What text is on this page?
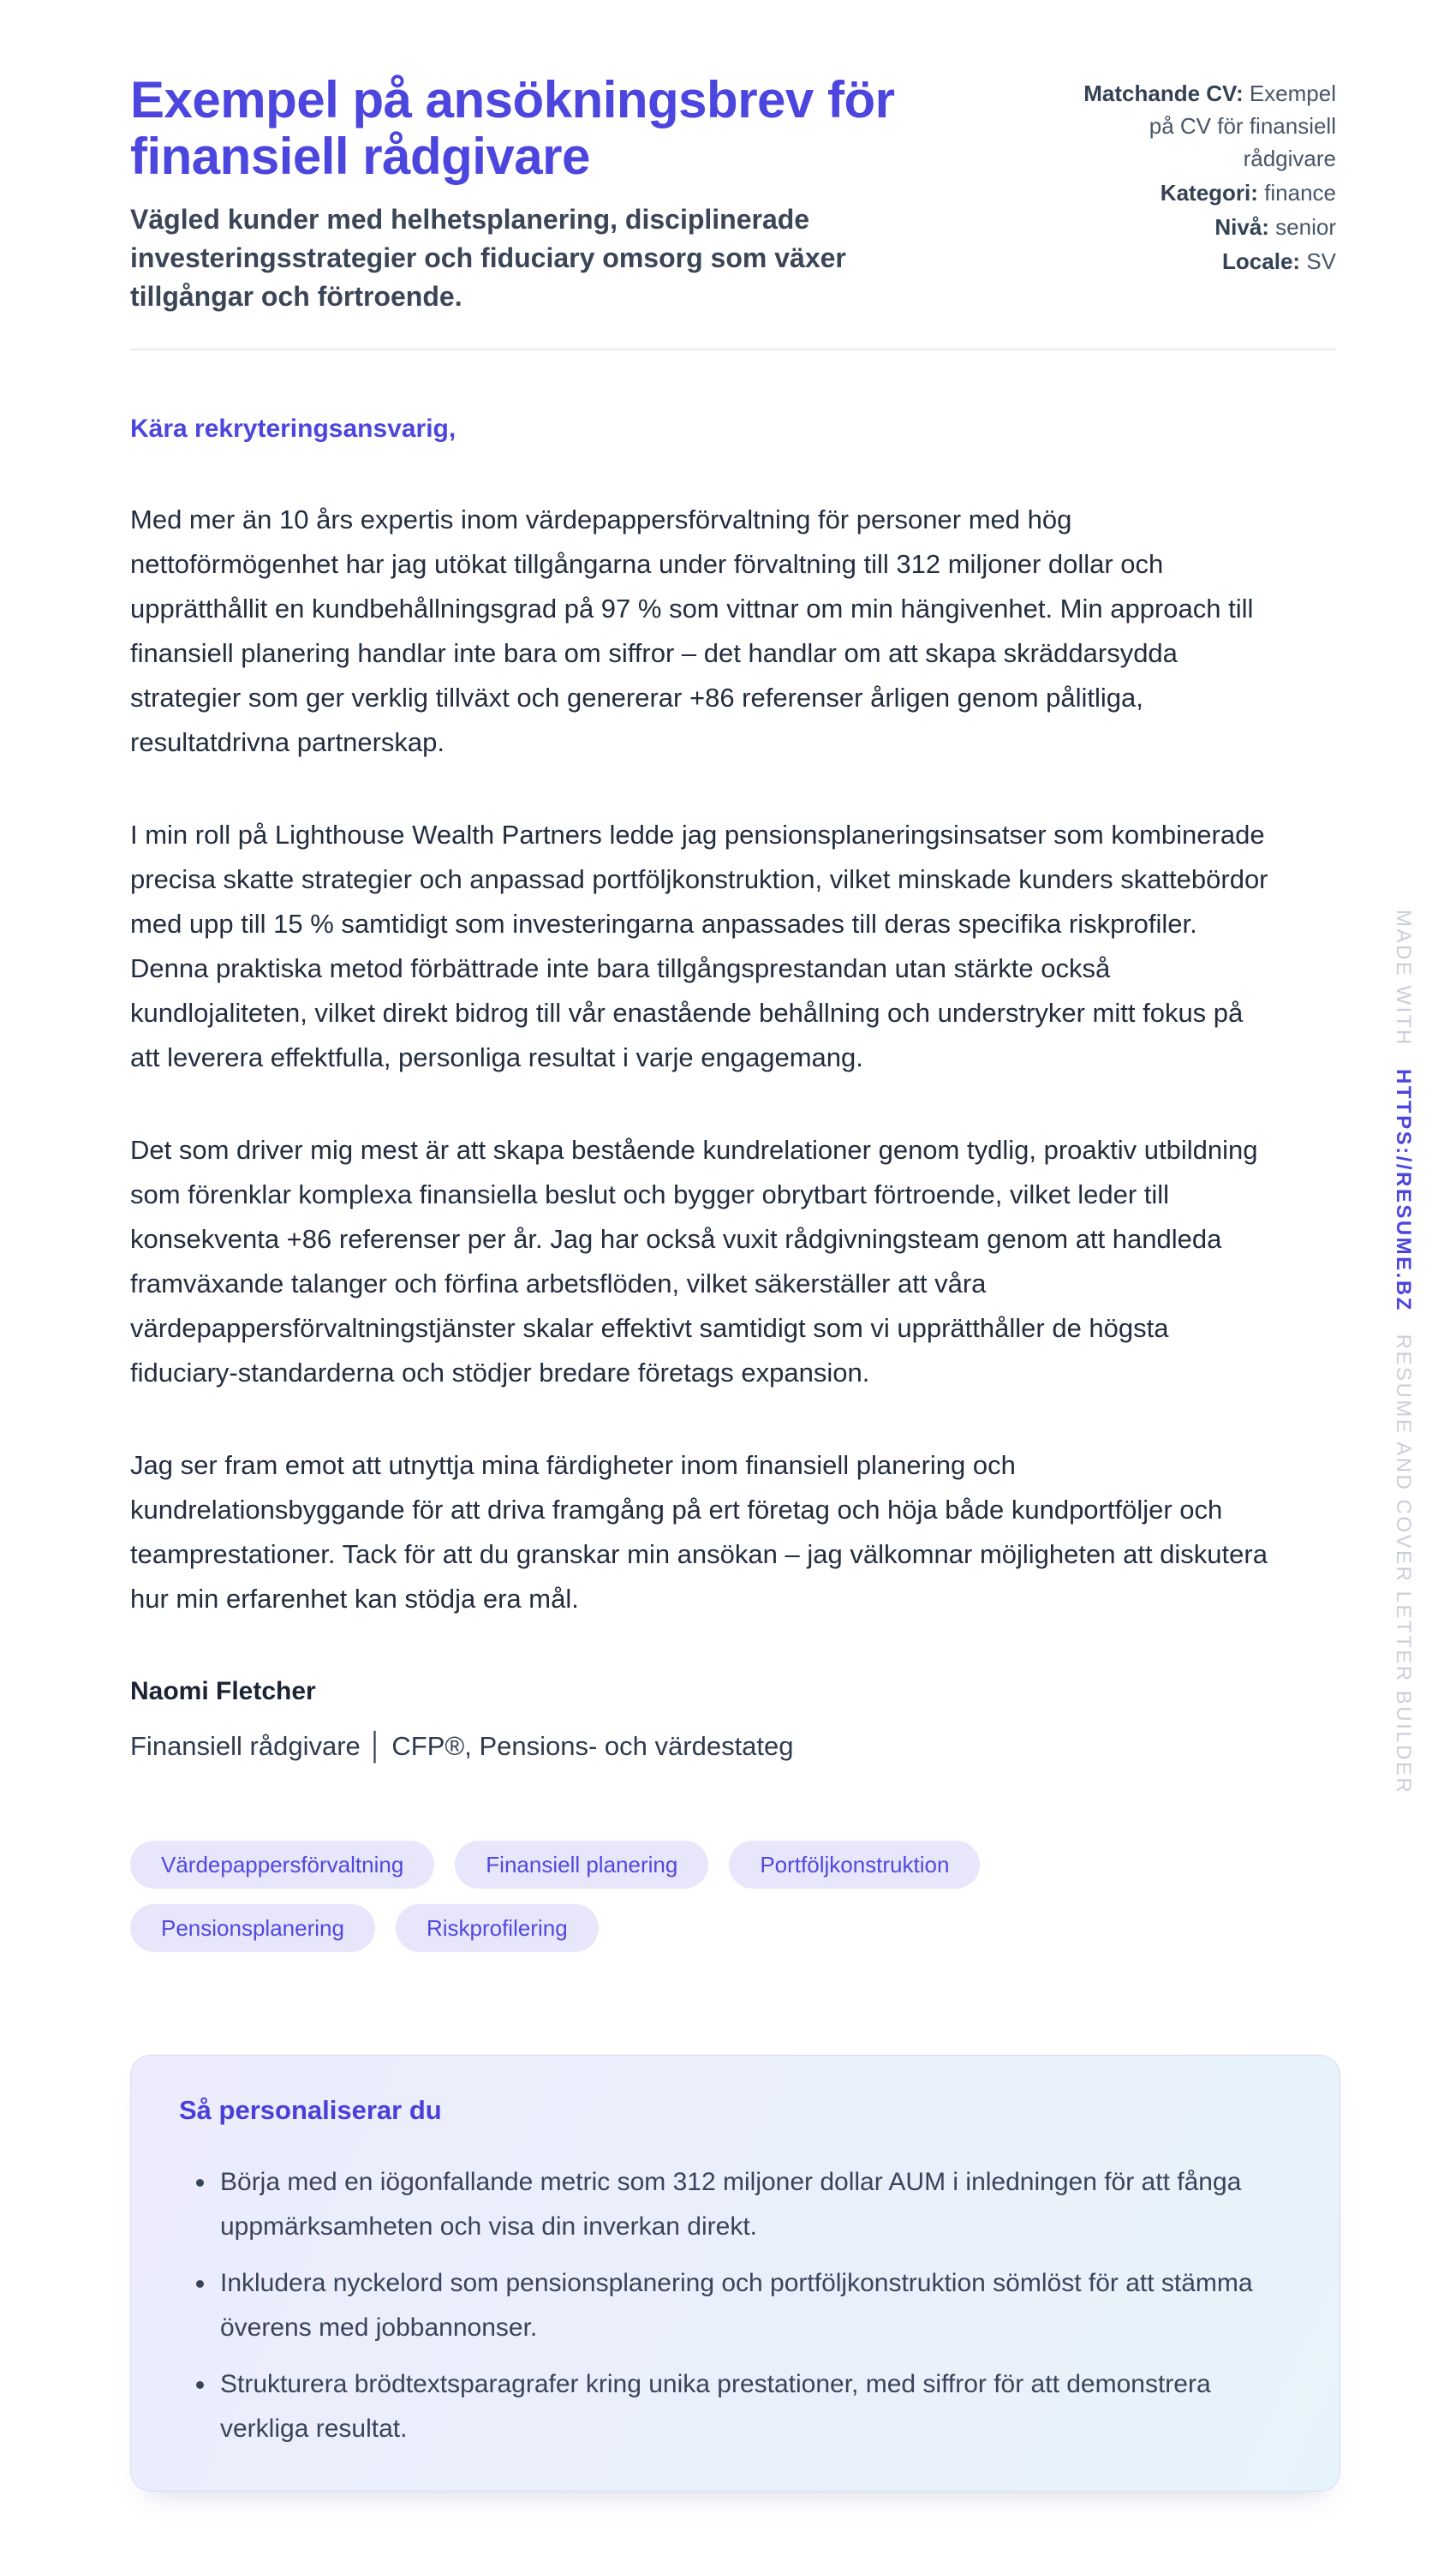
Exempel på ansökningsbrev för finansiell rådgivare

Vägled kunder med helhetsplanering, disciplinerade investeringsstrategier och fiduciary omsorg som växer tillgångar och förtroende.

Matchande CV: Exempel på CV för finansiell rådgivare
Kategori: finance
Nivå: senior
Locale: SV

Kära rekryteringsansvarig,

Med mer än 10 års expertis inom värdepappersförvaltning för personer med hög nettoförmögenhet har jag utökat tillgångarna under förvaltning till 312 miljoner dollar och upprätthållit en kundbehållningsgrad på 97 % som vittnar om min hängivenhet. Min approach till finansiell planering handlar inte bara om siffror – det handlar om att skapa skräddarsydda strategier som ger verklig tillväxt och genererar +86 referenser årligen genom pålitliga, resultatdrivna partnerskap.

I min roll på Lighthouse Wealth Partners ledde jag pensionsplaneringsinsatser som kombinerade precisa skatte strategier och anpassad portföljkonstruktion, vilket minskade kunders skattebördor med upp till 15 % samtidigt som investeringarna anpassades till deras specifika riskprofiler. Denna praktiska metod förbättrade inte bara tillgångsprestandan utan stärkte också kundlojaliteten, vilket direkt bidrog till vår enastående behållning och understryker mitt fokus på att leverera effektfulla, personliga resultat i varje engagemang.

Det som driver mig mest är att skapa bestående kundrelationer genom tydlig, proaktiv utbildning som förenklar komplexa finansiella beslut och bygger obrytbart förtroende, vilket leder till konsekventa +86 referenser per år. Jag har också vuxit rådgivningsteam genom att handleda framväxande talanger och förfina arbetsflöden, vilket säkerställer att våra värdepappersförvaltningstjänster skalar effektivt samtidigt som vi upprätthåller de högsta fiduciary-standarderna och stödjer bredare företags expansion.

Jag ser fram emot att utnyttja mina färdigheter inom finansiell planering och kundrelationsbyggande för att driva framgång på ert företag och höja både kundportföljer och teamprestationer. Tack för att du granskar min ansökan – jag välkomnar möjligheten att diskutera hur min erfarenhet kan stödja era mål.

Naomi Fletcher
Finansiell rådgivare │ CFP®, Pensions- och värdestateg
Värdepappersförvaltning	Finansiell planering	Portföljkonstruktion
Pensionsplanering	Riskprofilering
Så personaliserar du
• Börja med en iögonfallande metric som 312 miljoner dollar AUM i inledningen för att fånga uppmärksamheten och visa din inverkan direkt.
• Inkludera nyckelord som pensionsplanering och portföljkonstruktion sömlöst för att stämma överens med jobbannonser.
• Strukturera brödtextsparagrafer kring unika prestationer, med siffror för att demonstrera verkliga resultat.
MADE WITHHTTPS://RESUME.BZRESUME AND COVER LETTER BUILDER
